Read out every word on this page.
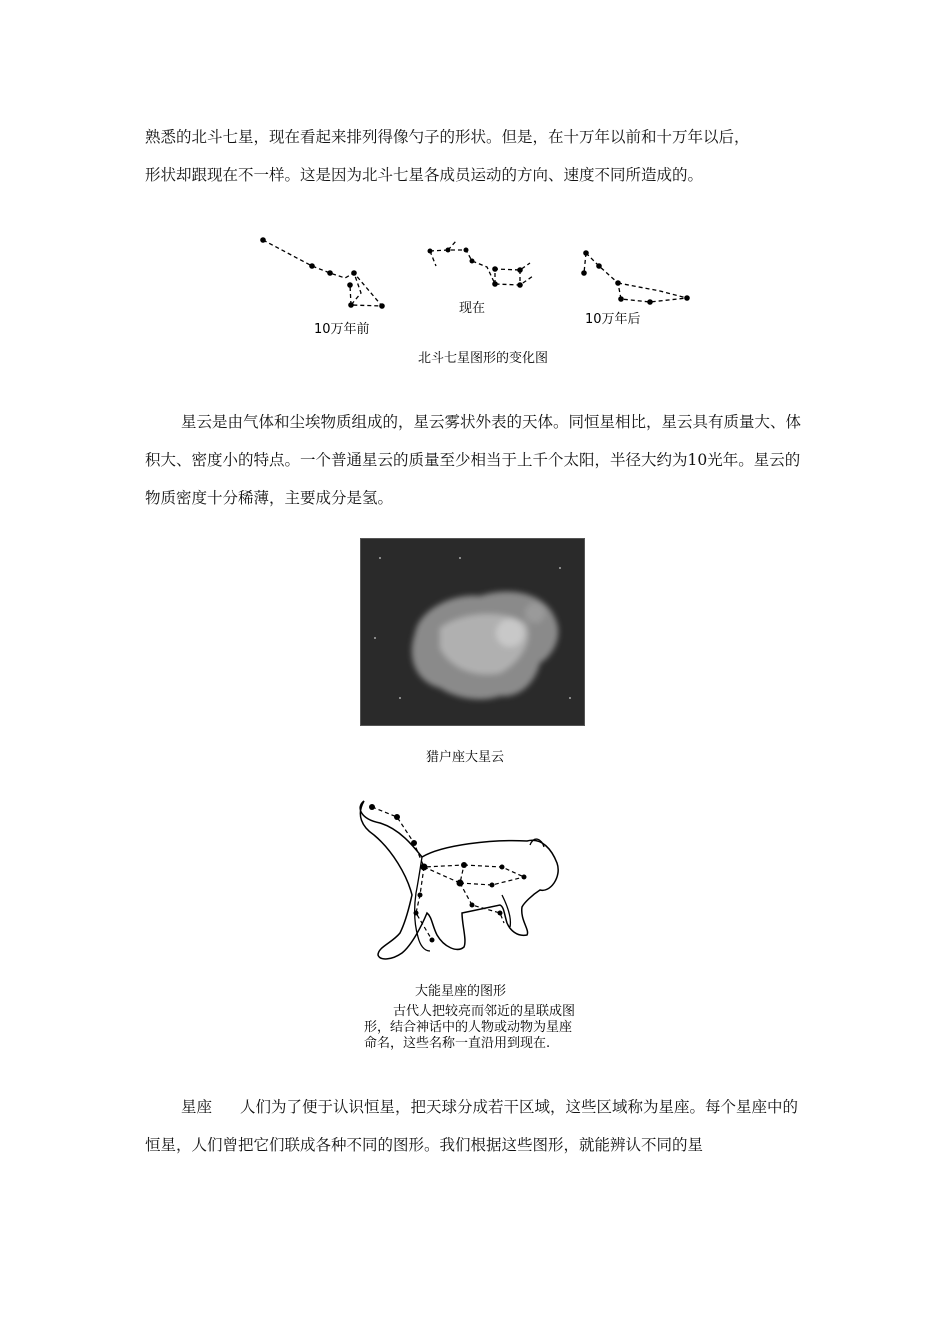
熟悉的北斗七星，现在看起来排列得像勺子的形状。但是，在十万年以前和十万年以后，
形状却跟现在不一样。这是因为北斗七星各成员运动的方向、速度不同所造成的。

10万年前
现在
10万年后
北斗七星图形的变化图

星云是由气体和尘埃物质组成的，星云雾状外表的天体。同恒星相比，星云具有质量大、体积大、密度小的特点。一个普通星云的质量至少相当于上千个太阳，半径大约为10光年。星云的物质密度十分稀薄，主要成分是氢。

猎户座大星云
大能星座的图形
古代人把较亮而邻近的星联成图
形，结合神话中的人物或动物为星座
命名，这些名称一直沿用到现在.

星座 人们为了便于认识恒星，把天球分成若干区域，这些区域称为星座。每个星座中的恒星，人们曾把它们联成各种不同的图形。我们根据这些图形，就能辨认不同的星
